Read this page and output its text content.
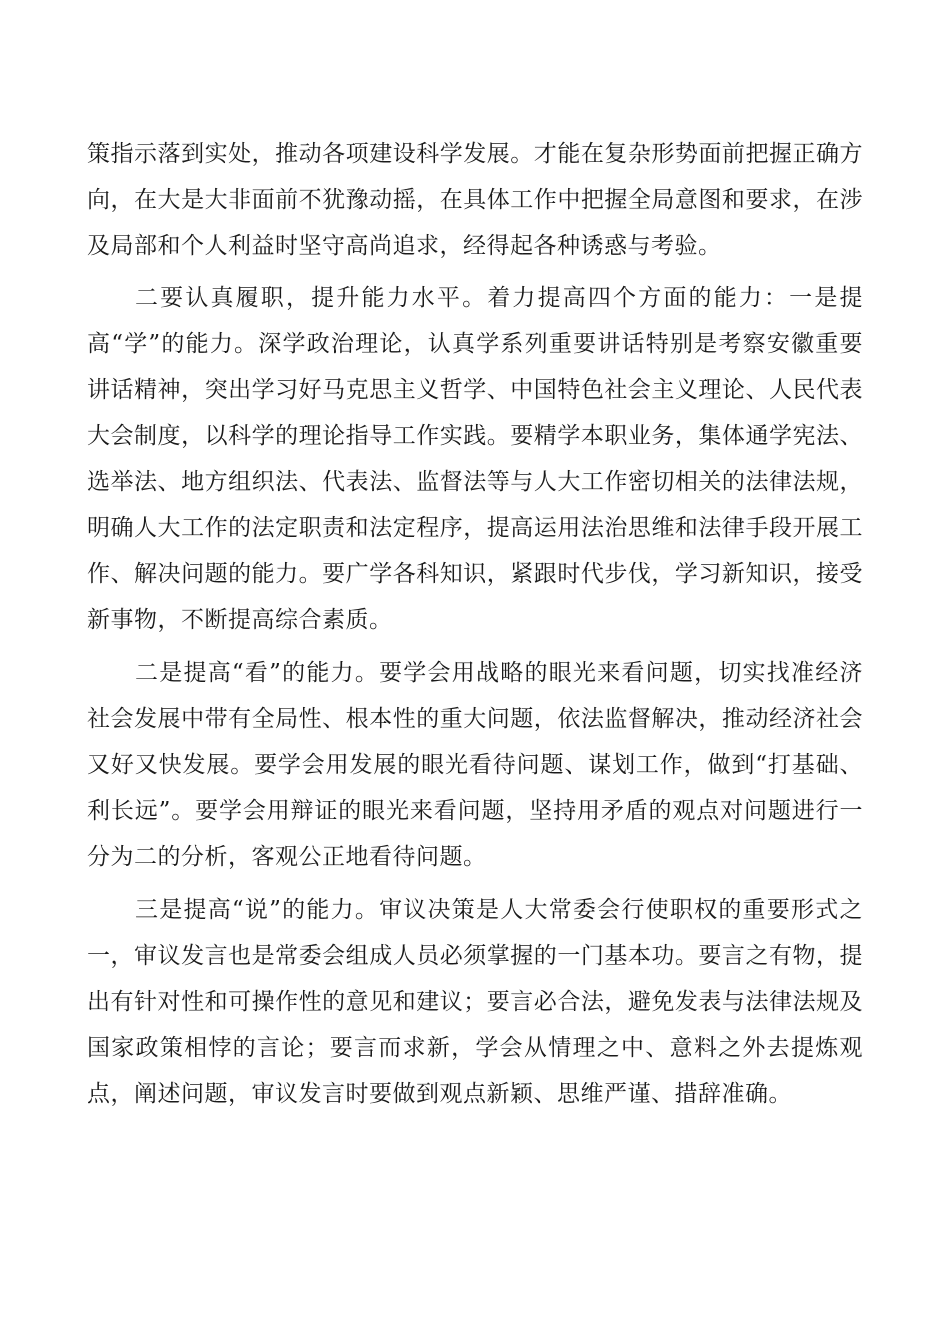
策指示落到实处，推动各项建设科学发展。才能在复杂形势面前把握正确方向，在大是大非面前不犹豫动摇，在具体工作中把握全局意图和要求，在涉及局部和个人利益时坚守高尚追求，经得起各种诱惑与考验。

二要认真履职，提升能力水平。着力提高四个方面的能力：一是提高“学”的能力。深学政治理论，认真学系列重要讲话特别是考察安徽重要讲话精神，突出学习好马克思主义哲学、中国特色社会主义理论、人民代表大会制度，以科学的理论指导工作实践。要精学本职业务，集体通学宪法、选举法、地方组织法、代表法、监督法等与人大工作密切相关的法律法规，明确人大工作的法定职责和法定程序，提高运用法治思维和法律手段开展工作、解决问题的能力。要广学各科知识，紧跟时代步伐，学习新知识，接受新事物，不断提高综合素质。

二是提高“看”的能力。要学会用战略的眼光来看问题，切实找准经济社会发展中带有全局性、根本性的重大问题，依法监督解决，推动经济社会又好又快发展。要学会用发展的眼光看待问题、谋划工作，做到“打基础、利长远”。要学会用辩证的眼光来看问题，坚持用矛盾的观点对问题进行一分为二的分析，客观公正地看待问题。

三是提高“说”的能力。审议决策是人大常委会行使职权的重要形式之一，审议发言也是常委会组成人员必须掌握的一门基本功。要言之有物，提出有针对性和可操作性的意见和建议；要言必合法，避免发表与法律法规及国家政策相悖的言论；要言而求新，学会从情理之中、意料之外去提炼观点，阐述问题，审议发言时要做到观点新颖、思维严谨、措辞准确。
